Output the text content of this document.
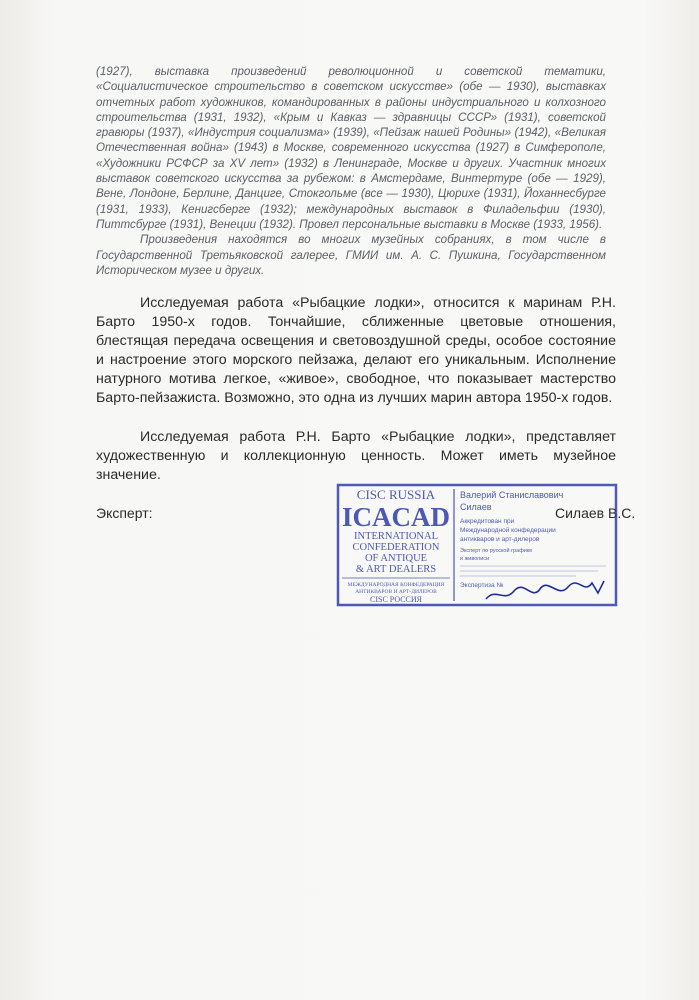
(1927), выставка произведений революционной и советской тематики, «Социалистическое строительство в советском искусстве» (обе — 1930), выставках отчетных работ художников, командированных в районы индустриального и колхозного строительства (1931, 1932), «Крым и Кавказ — здравницы СССР» (1931), советской гравюры (1937), «Индустрия социализма» (1939), «Пейзаж нашей Родины» (1942), «Великая Отечественная война» (1943) в Москве, современного искусства (1927) в Симферополе, «Художники РСФСР за XV лет» (1932) в Ленинграде, Москве и других. Участник многих выставок советского искусства за рубежом: в Амстердаме, Винтертуре (обе — 1929), Вене, Лондоне, Берлине, Данциге, Стокгольме (все — 1930), Цюрихе (1931), Йоханнесбурге (1931, 1933), Кенигсберге (1932); международных выставок в Филадельфии (1930), Питтсбурге (1931), Венеции (1932). Провел персональные выставки в Москве (1933, 1956).

Произведения находятся во многих музейных собраниях, в том числе в Государственной Третьяковской галерее, ГМИИ им. А. С. Пушкина, Государственном Историческом музее и других.

Исследуемая работа «Рыбацкие лодки», относится к маринам Р.Н. Барто 1950-х годов. Тончайшие, сближенные цветовые отношения, блестящая передача освещения и световоздушной среды, особое состояние и настроение этого морского пейзажа, делают его уникальным. Исполнение натурного мотива легкое, «живое», свободное, что показывает мастерство Барто-пейзажиста. Возможно, это одна из лучших марин автора 1950-х годов.

Исследуемая работа Р.Н. Барто «Рыбацкие лодки», представляет художественную и коллекционную ценность. Может иметь музейное значение.

Эксперт:	Силаев В.С.
CISC RUSSIA
ICACAD
INTERNATIONAL
CONFEDERATION
OF ANTIQUE
& ART DEALERS
МЕЖДУНАРОДНАЯ КОНФЕДЕРАЦИЯ
АНТИКВАРОВ И АРТ-ДИЛЕРОВ
CISC РОССИЯ
Валерий Станиславович
Силаев
Аккредитован при
Международной конфедерации
антикваров и арт-дилеров
Эксперт по русской графике
и живописи
Экспертиза №
